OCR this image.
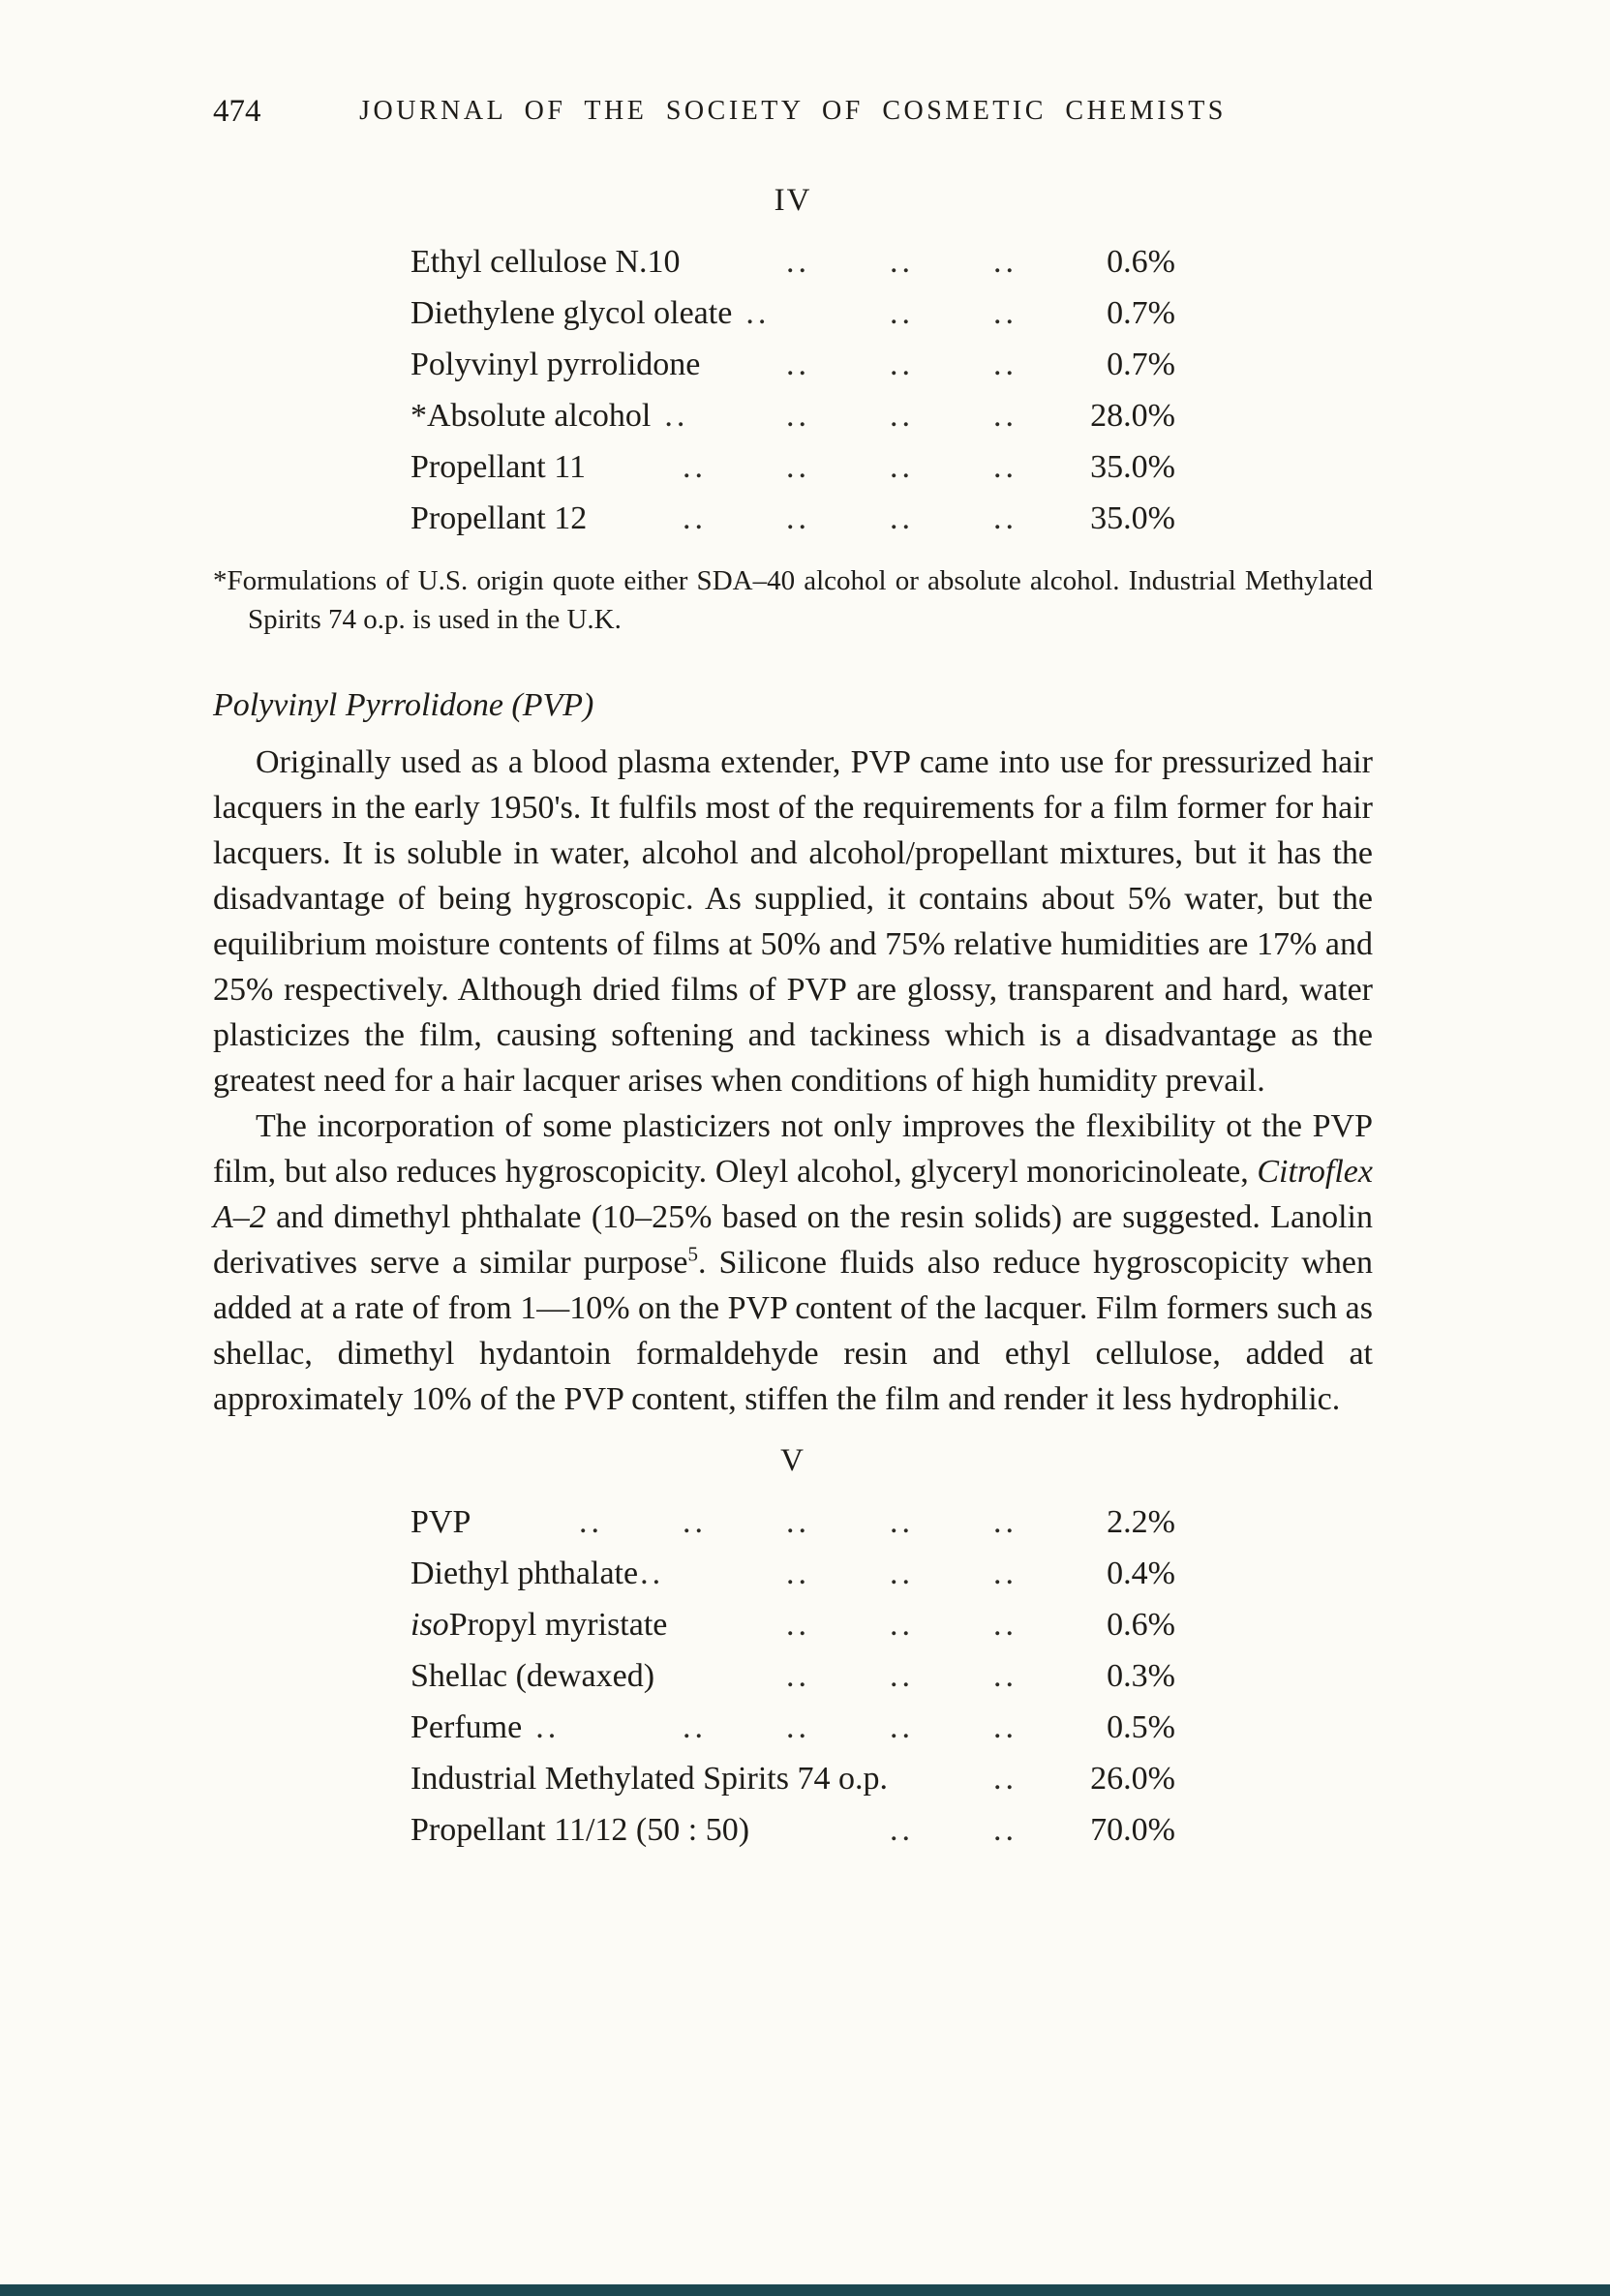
474	JOURNAL OF THE SOCIETY OF COSMETIC CHEMISTS
IV
Ethyl cellulose N.10	.. .. ..	0.6%
Diethylene glycol oleate ..	.. ..	0.7%
Polyvinyl pyrrolidone	.. .. ..	0.7%
*Absolute alcohol ..	.. .. ..	28.0%
Propellant 11	.. .. .. ..	35.0%
Propellant 12	.. .. .. ..	35.0%
*Formulations of U.S. origin quote either SDA–40 alcohol or absolute alcohol. Industrial Methylated Spirits 74 o.p. is used in the U.K.
Polyvinyl Pyrrolidone (PVP)

Originally used as a blood plasma extender, PVP came into use for pressurized hair lacquers in the early 1950's. It fulfils most of the requirements for a film former for hair lacquers. It is soluble in water, alcohol and alcohol/propellant mixtures, but it has the disadvantage of being hygroscopic. As supplied, it contains about 5% water, but the equilibrium moisture contents of films at 50% and 75% relative humidities are 17% and 25% respectively. Although dried films of PVP are glossy, transparent and hard, water plasticizes the film, causing softening and tackiness which is a disadvantage as the greatest need for a hair lacquer arises when conditions of high humidity prevail.

The incorporation of some plasticizers not only improves the flexibility ot the PVP film, but also reduces hygroscopicity. Oleyl alcohol, glyceryl monoricinoleate, Citroflex A–2 and dimethyl phthalate (10–25% based on the resin solids) are suggested. Lanolin derivatives serve a similar purpose$^5$. Silicone fluids also reduce hygroscopicity when added at a rate of from 1—10% on the PVP content of the lacquer. Film formers such as shellac, dimethyl hydantoin formaldehyde resin and ethyl cellulose, added at approximately 10% of the PVP content, stiffen the film and render it less hydrophilic.

V
PVP	.. .. .. .. ..	2.2%
Diethyl phthalate..	.. .. ..	0.4%
isoPropyl myristate	.. .. ..	0.6%
Shellac (dewaxed)	.. .. ..	0.3%
Perfume ..	.. .. .. ..	0.5%
Industrial Methylated Spirits 74 o.p.	..	26.0%
Propellant 11/12 (50 : 50)	.. ..	70.0%
